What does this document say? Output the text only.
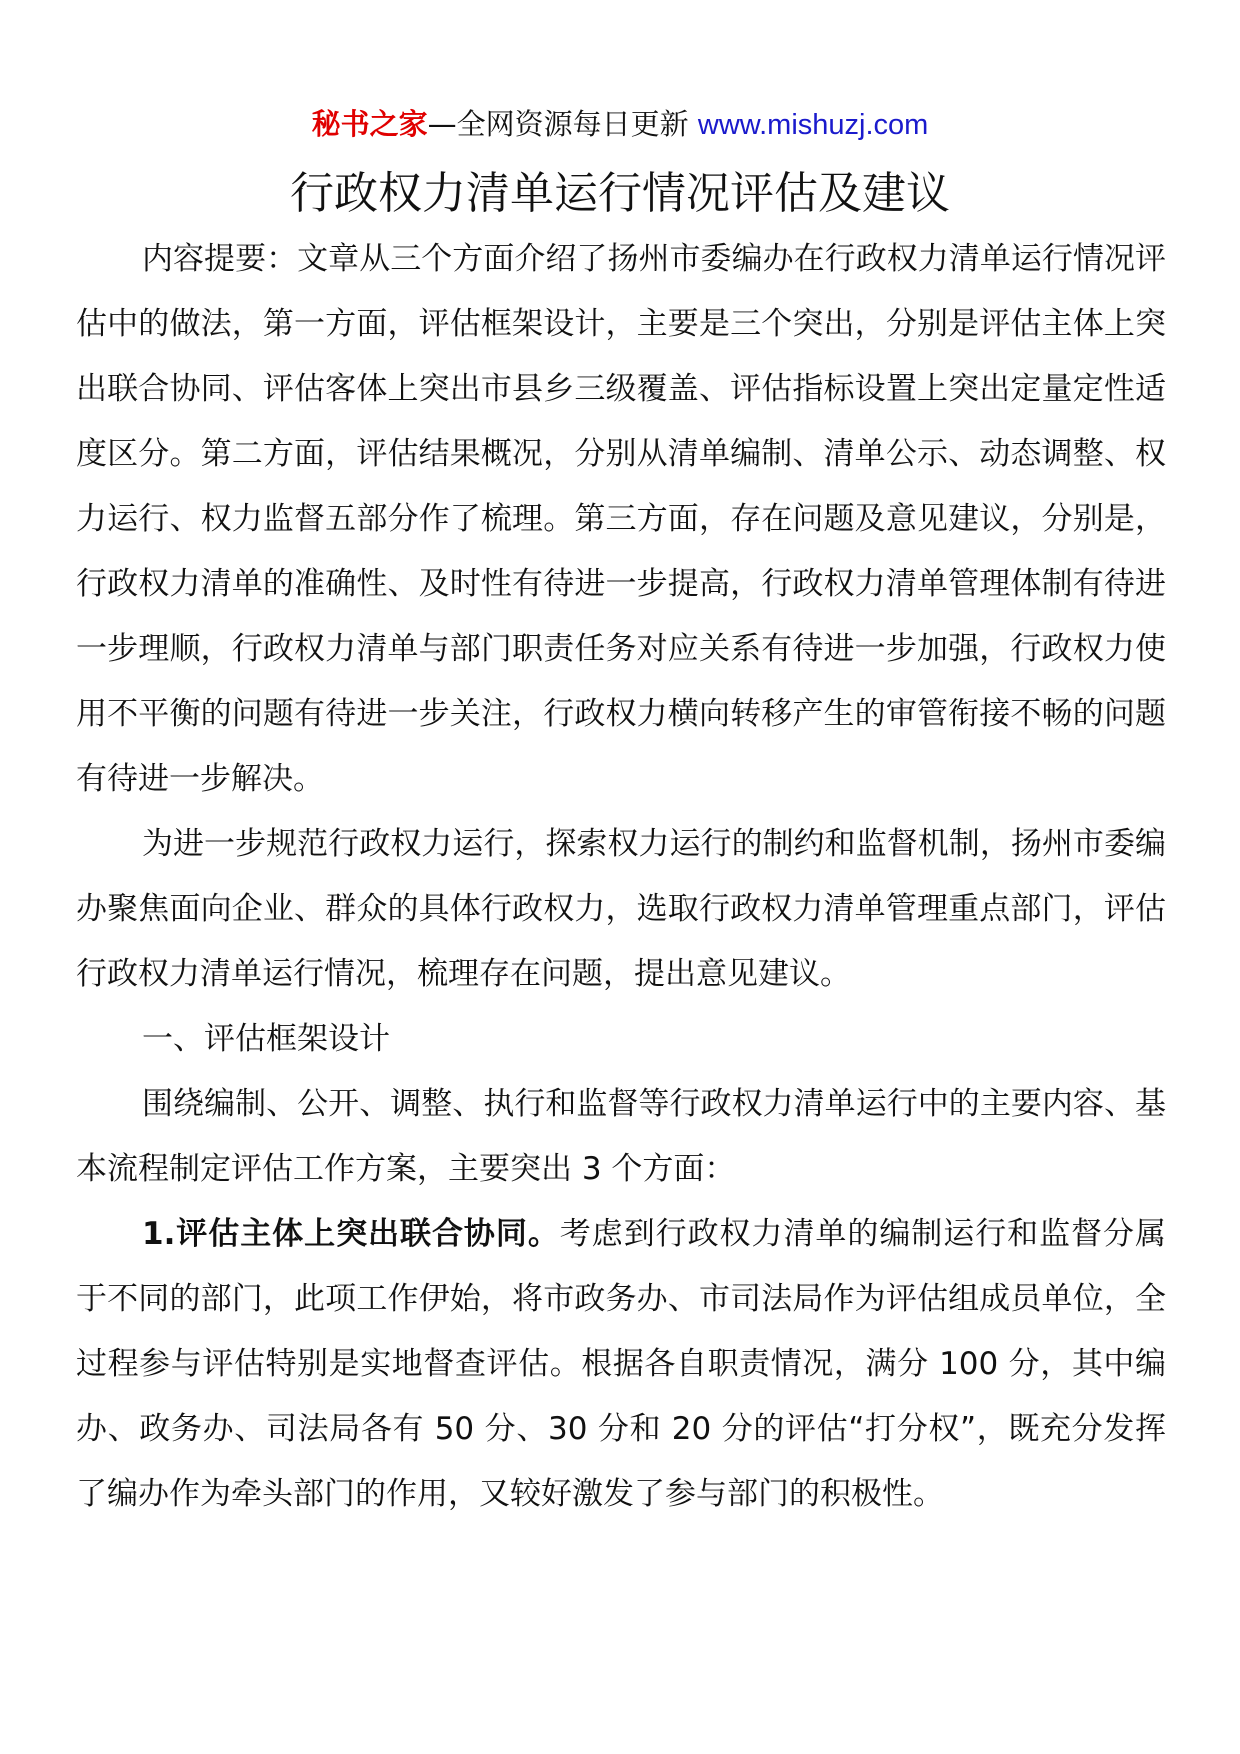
秘书之家—全网资源每日更新 www.mishuzj.com
行政权力清单运行情况评估及建议

内容提要：文章从三个方面介绍了扬州市委编办在行政权力清单运行情况评估中的做法，第一方面，评估框架设计，主要是三个突出，分别是评估主体上突出联合协同、评估客体上突出市县乡三级覆盖、评估指标设置上突出定量定性适度区分。第二方面，评估结果概况，分别从清单编制、清单公示、动态调整、权力运行、权力监督五部分作了梳理。第三方面，存在问题及意见建议，分别是，行政权力清单的准确性、及时性有待进一步提高，行政权力清单管理体制有待进一步理顺，行政权力清单与部门职责任务对应关系有待进一步加强，行政权力使用不平衡的问题有待进一步关注，行政权力横向转移产生的审管衔接不畅的问题有待进一步解决。

为进一步规范行政权力运行，探索权力运行的制约和监督机制，扬州市委编办聚焦面向企业、群众的具体行政权力，选取行政权力清单管理重点部门，评估行政权力清单运行情况，梳理存在问题，提出意见建议。

一、评估框架设计

围绕编制、公开、调整、执行和监督等行政权力清单运行中的主要内容、基本流程制定评估工作方案，主要突出 3 个方面：

1.评估主体上突出联合协同。考虑到行政权力清单的编制运行和监督分属于不同的部门，此项工作伊始，将市政务办、市司法局作为评估组成员单位，全过程参与评估特别是实地督查评估。根据各自职责情况，满分 100 分，其中编办、政务办、司法局各有 50 分、30 分和 20 分的评估“打分权”，既充分发挥了编办作为牵头部门的作用，又较好激发了参与部门的积极性。
